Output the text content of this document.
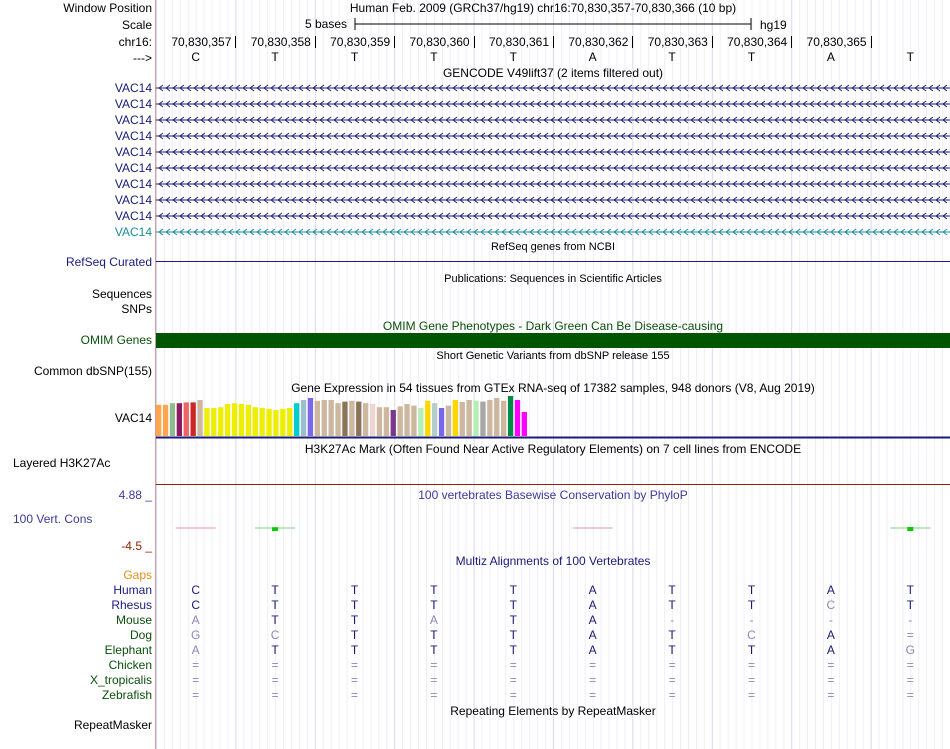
Window Position
Scale
chr16:
--->
Human Feb. 2009 (GRCh37/hg19) chr16:70,830,357-70,830,366 (10 bp)
5 bases	hg19
70,830,357	70,830,358	70,830,359	70,830,360	70,830,361	70,830,362	70,830,363	70,830,364	70,830,365
C	T	T	T	T	A	T	T	A	T
GENCODE V49lift37 (2 items filtered out)
VAC14
VAC14
VAC14
VAC14
VAC14
VAC14
VAC14
VAC14
VAC14
VAC14
RefSeq genes from NCBI
RefSeq Curated
Publications: Sequences in Scientific Articles
Sequences
SNPs
OMIM Gene Phenotypes - Dark Green Can Be Disease-causing
OMIM Genes
Short Genetic Variants from dbSNP release 155
Common dbSNP(155)
Gene Expression in 54 tissues from GTEx RNA-seq of 17382 samples, 948 donors (V8, Aug 2019)
VAC14
H3K27Ac Mark (Often Found Near Active Regulatory Elements) on 7 cell lines from ENCODE
Layered H3K27Ac
100 vertebrates Basewise Conservation by PhyloP
4.88 _
100 Vert. Cons
-4.5 _
Multiz Alignments of 100 Vertebrates
Gaps
Human	C	T	T	T	T	A	T	T	A	T
Rhesus	C	T	T	T	T	A	T	T	C	T
Mouse	A	T	T	A	T	A	-	-	-	-
Dog	G	C	T	T	T	A	T	C	A	=
Elephant	A	T	T	T	T	A	T	T	A	G
Chicken	=	=	=	=	=	=	=	=	=	=
X_tropicalis	=	=	=	=	=	=	=	=	=	=
Zebrafish	=	=	=	=	=	=	=	=	=	=
Repeating Elements by RepeatMasker
RepeatMasker
